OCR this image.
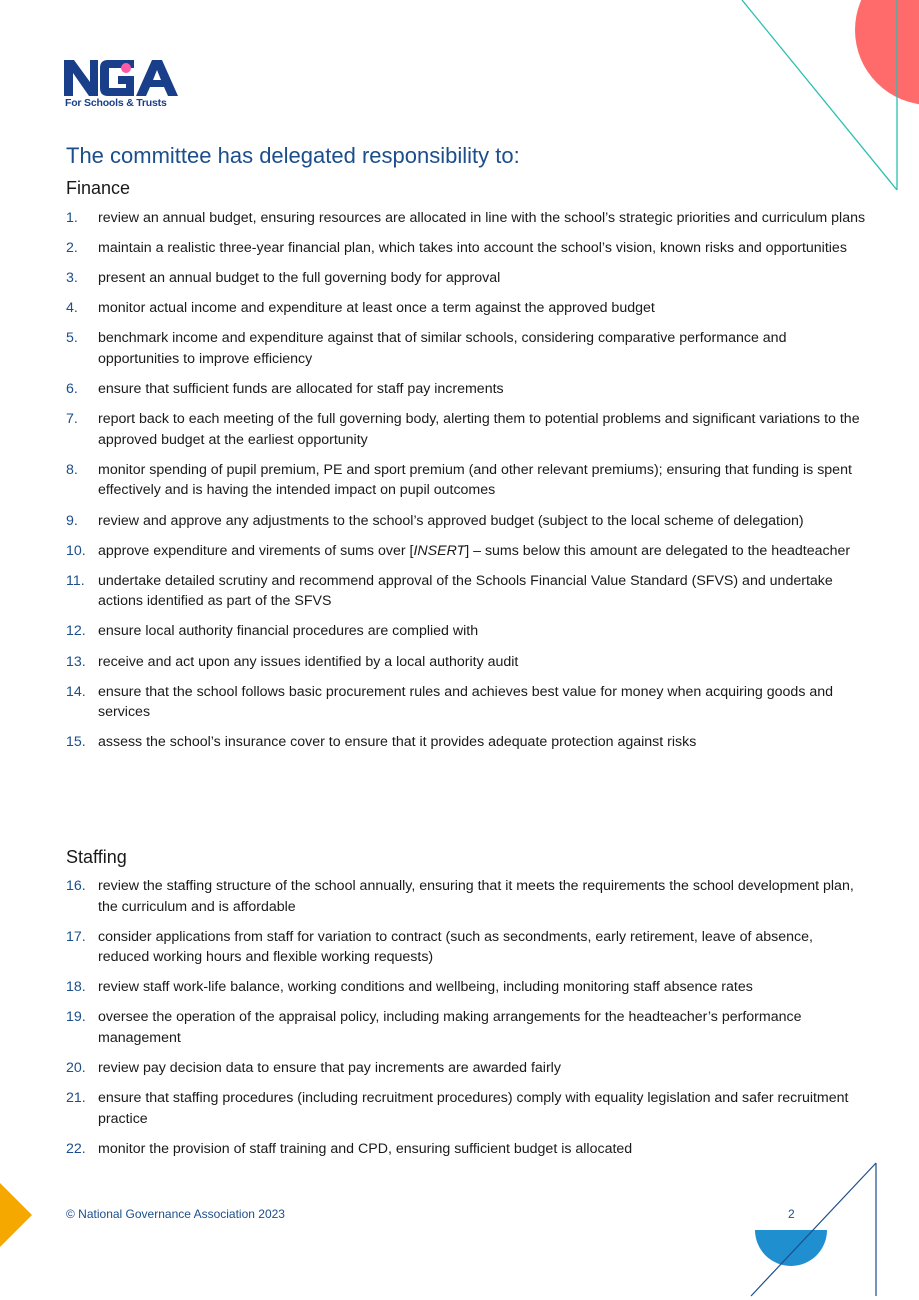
For Schools & Trusts
The committee has delegated responsibility to:
Finance
1. review an annual budget, ensuring resources are allocated in line with the school’s strategic priorities and curriculum plans
2. maintain a realistic three-year financial plan, which takes into account the school’s vision, known risks and opportunities
3. present an annual budget to the full governing body for approval
4. monitor actual income and expenditure at least once a term against the approved budget
5. benchmark income and expenditure against that of similar schools, considering comparative performance and opportunities to improve efficiency
6. ensure that sufficient funds are allocated for staff pay increments
7. report back to each meeting of the full governing body, alerting them to potential problems and significant variations to the approved budget at the earliest opportunity
8. monitor spending of pupil premium, PE and sport premium (and other relevant premiums); ensuring that funding is spent effectively and is having the intended impact on pupil outcomes
9. review and approve any adjustments to the school’s approved budget (subject to the local scheme of delegation)
10. approve expenditure and virements of sums over [INSERT] – sums below this amount are delegated to the headteacher
11. undertake detailed scrutiny and recommend approval of the Schools Financial Value Standard (SFVS) and undertake actions identified as part of the SFVS
12. ensure local authority financial procedures are complied with
13. receive and act upon any issues identified by a local authority audit
14. ensure that the school follows basic procurement rules and achieves best value for money when acquiring goods and services
15. assess the school’s insurance cover to ensure that it provides adequate protection against risks
Staffing
16. review the staffing structure of the school annually, ensuring that it meets the requirements the school development plan, the curriculum and is affordable
17. consider applications from staff for variation to contract (such as secondments, early retirement, leave of absence, reduced working hours and flexible working requests)
18. review staff work-life balance, working conditions and wellbeing, including monitoring staff absence rates
19. oversee the operation of the appraisal policy, including making arrangements for the headteacher’s performance management
20. review pay decision data to ensure that pay increments are awarded fairly
21. ensure that staffing procedures (including recruitment procedures) comply with equality legislation and safer recruitment practice
22. monitor the provision of staff training and CPD, ensuring sufficient budget is allocated
© National Governance Association 2023	2
